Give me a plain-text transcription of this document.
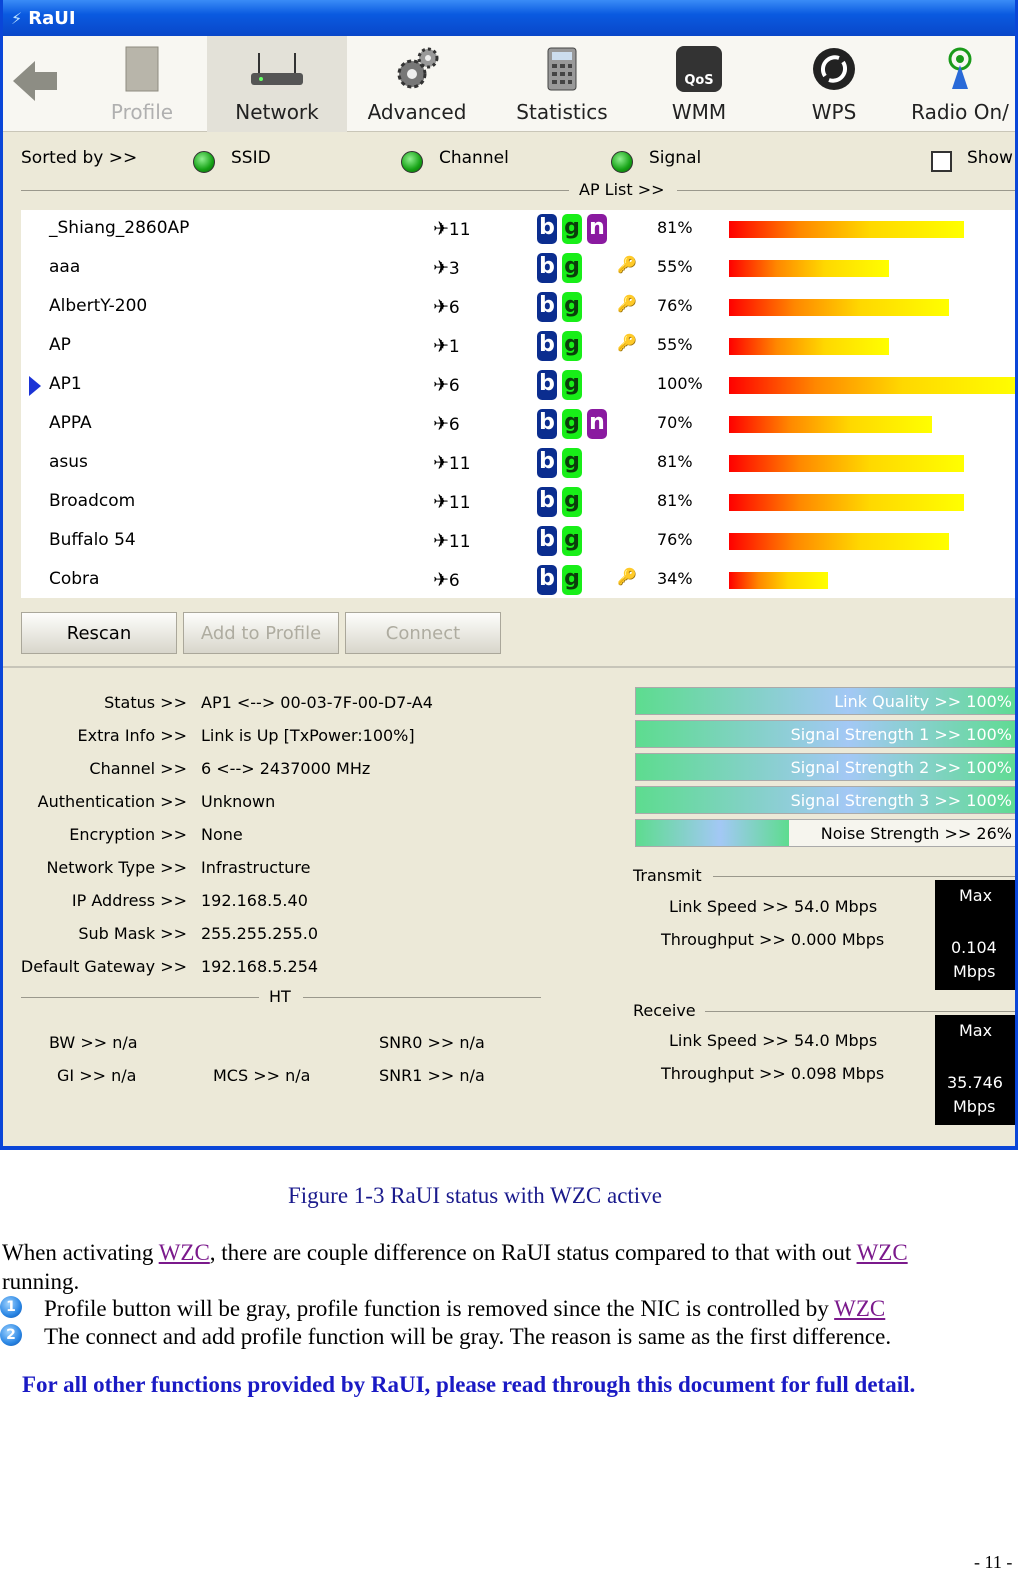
⚡ RaUI
Profile	Network Advanced Statistics
QoS
WMM	WPS	Radio On/
Sorted by >>	SSID	Channel	Signal	Show
AP List >>
_Shiang_2860AP	✈11	b g n	81%
aaa	✈3	b g 🔑 55%
AlbertY-200	✈6	b g 🔑 76%
AP	✈1	b g 🔑 55%
AP1	✈6	b g	100%
APPA	✈6	b g n	70%
asus	✈11	b g	81%
Broadcom	✈11	b g	81%
Buffalo 54	✈11	b g	76%
Cobra	✈6	b g 🔑 34%
Rescan	Add to Profile	Connect
Status >> AP1 <--> 00-03-7F-00-D7-A4
Extra Info >> Link is Up [TxPower:100%]
Channel >> 6 <--> 2437000 MHz
Authentication >> Unknown
Encryption >> None
Network Type >> Infrastructure
IP Address >> 192.168.5.40
Sub Mask >> 255.255.255.0
Default Gateway >> 192.168.5.254
HT
BW >> n/a
GI >> n/a	MCS >> n/a
SNR0 >> n/a
SNR1 >> n/a
Link Quality >> 100%
Signal Strength 1 >> 100%
Signal Strength 2 >> 100%
Signal Strength 3 >> 100%
Noise Strength >> 26%
Transmit
Link Speed >> 54.0 Mbps
Throughput >> 0.000 Mbps
Max
0.104
Mbps
Receive
Link Speed >> 54.0 Mbps
Throughput >> 0.098 Mbps
Max
35.746
Mbps
Figure 1-3 RaUI status with WZC active
When activating WZC, there are couple difference on RaUI status compared to that with out WZC
running.
1 Profile button will be gray, profile function is removed since the NIC is controlled by WZC
2 The connect and add profile function will be gray. The reason is same as the first difference.
For all other functions provided by RaUI, please read through this document for full detail.
- 11 -
